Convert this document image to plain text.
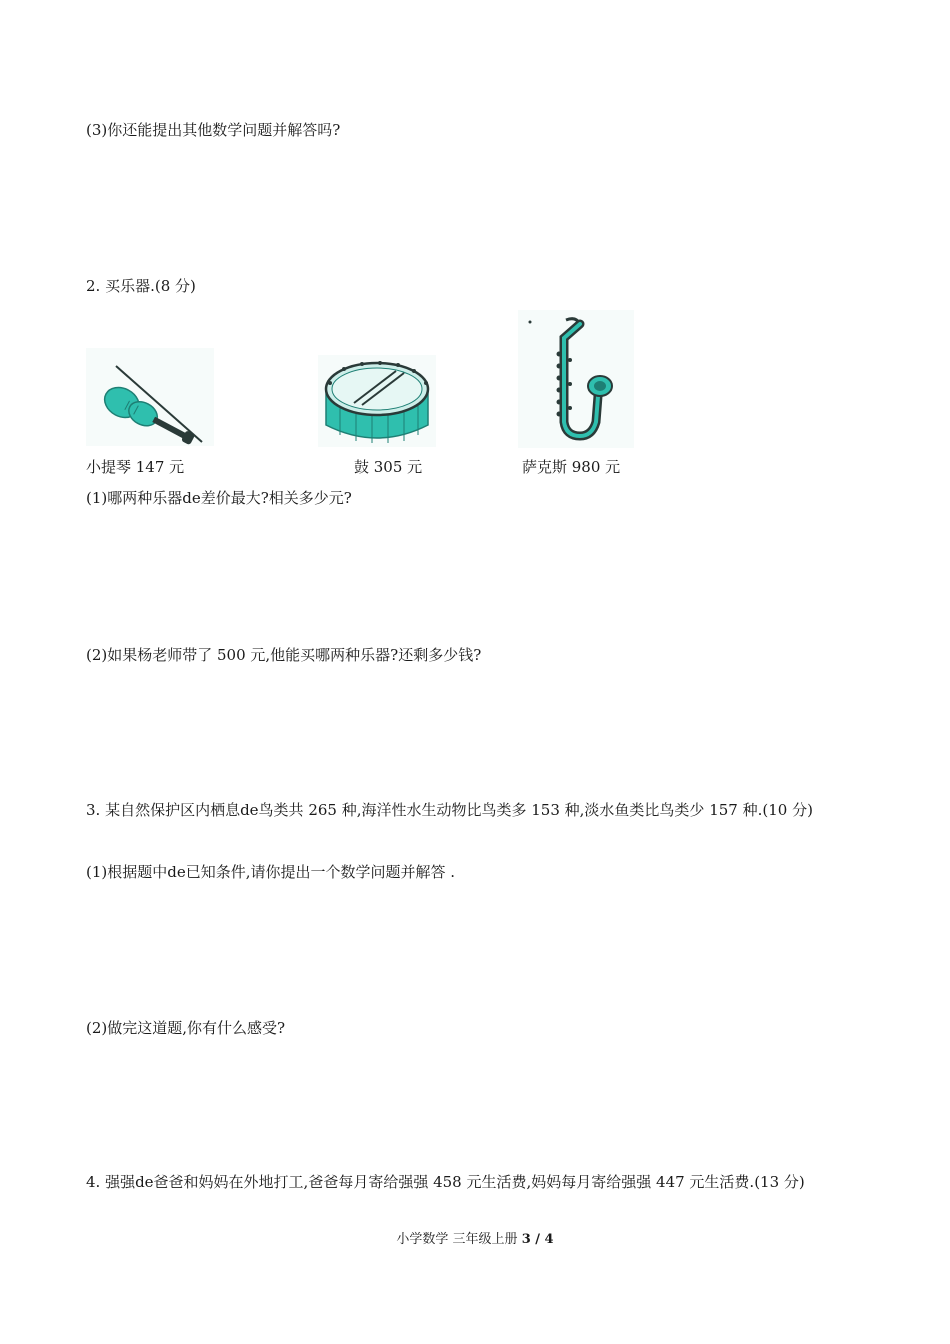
(3)你还能提出其他数学问题并解答吗?
2. 买乐器.(8 分)
小提琴 147 元	鼓 305 元	萨克斯 980 元
(1)哪两种乐器de差价最大?相关多少元?
(2)如果杨老师带了 500 元,他能买哪两种乐器?还剩多少钱?
3. 某自然保护区内栖息de鸟类共 265 种,海洋性水生动物比鸟类多 153 种,淡水鱼类比鸟类少 157 种.(10 分)
(1)根据题中de已知条件,请你提出一个数学问题并解答 .
(2)做完这道题,你有什么感受?
4. 强强de爸爸和妈妈在外地打工,爸爸每月寄给强强 458 元生活费,妈妈每月寄给强强 447 元生活费.(13 分)
小学数学 三年级上册 3 / 4
